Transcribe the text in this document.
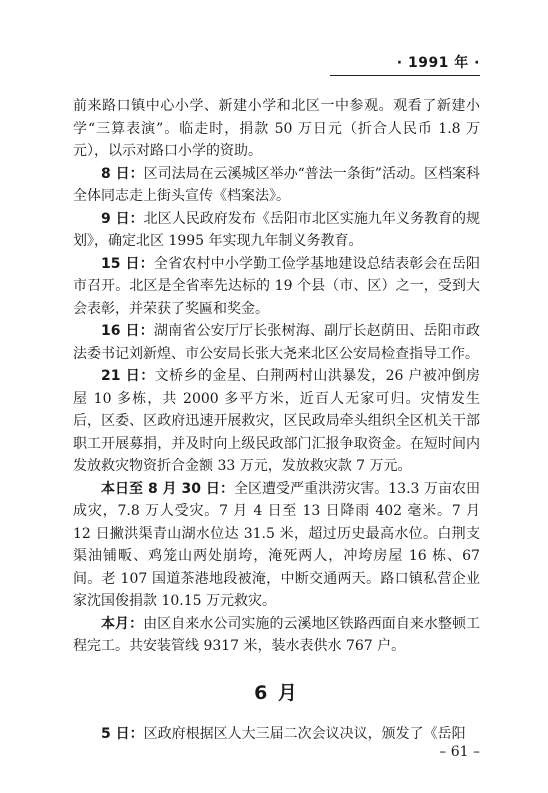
· 1991 年 ·

前来路口镇中心小学、新建小学和北区一中参观。观看了新建小学“三算表演”。临走时，捐款 50 万日元（折合人民币 1.8 万元），以示对路口小学的资助。

8 日：区司法局在云溪城区举办“普法一条街”活动。区档案科全体同志走上街头宣传《档案法》。

9 日：北区人民政府发布《岳阳市北区实施九年义务教育的规划》，确定北区 1995 年实现九年制义务教育。

15 日：全省农村中小学勤工俭学基地建设总结表彰会在岳阳市召开。北区是全省率先达标的 19 个县（市、区）之一，受到大会表彰，并荣获了奖匾和奖金。

16 日：湖南省公安厅厅长张树海、副厅长赵荫田、岳阳市政法委书记刘新煌、市公安局长张大尧来北区公安局检查指导工作。

21 日：文桥乡的金星、白荆两村山洪暴发，26 户被冲倒房屋 10 多栋，共 2000 多平方米，近百人无家可归。灾情发生后，区委、区政府迅速开展救灾，区民政局牵头组织全区机关干部职工开展募捐，并及时向上级民政部门汇报争取资金。在短时间内发放救灾物资折合金额 33 万元，发放救灾款 7 万元。

本日至 8 月 30 日：全区遭受严重洪涝灾害。13.3 万亩农田成灾，7.8 万人受灾。7 月 4 日至 13 日降雨 402 毫米。7 月 12 日撇洪渠青山湖水位达 31.5 米，超过历史最高水位。白荆支渠油铺畈、鸡笼山两处崩垮，淹死两人，冲垮房屋 16 栋、67 间。老 107 国道茶港地段被淹，中断交通两天。路口镇私营企业家沈国俊捐款 10.15 万元救灾。

本月：由区自来水公司实施的云溪地区铁路西面自来水整顿工程完工。共安装管线 9317 米，装水表供水 767 户。

6 月

5 日：区政府根据区人大三届二次会议决议，颁发了《岳阳

– 61 –
